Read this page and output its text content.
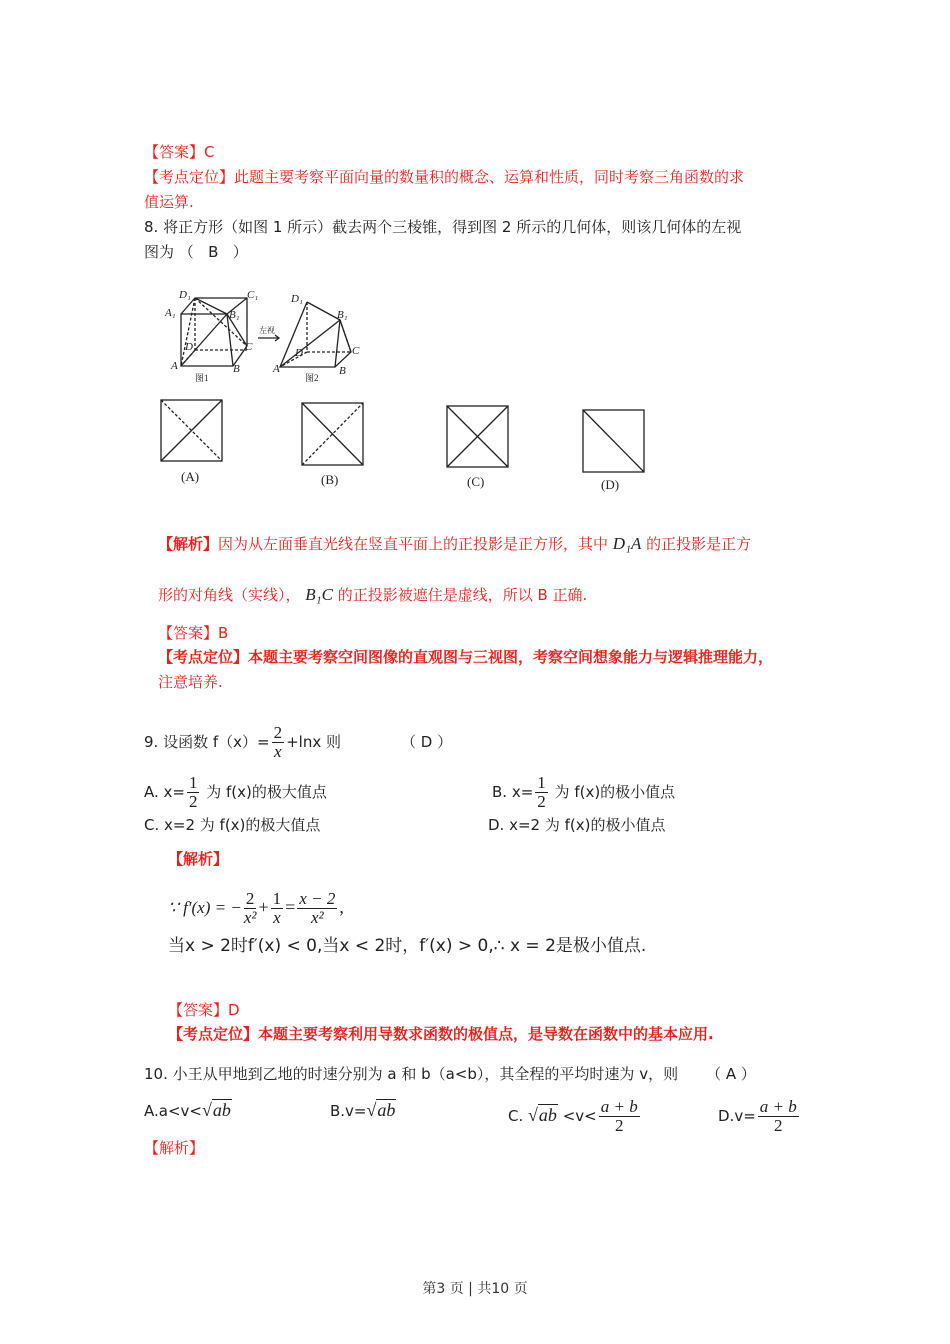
【答案】C
【考点定位】此题主要考察平面向量的数量积的概念、运算和性质，同时考察三角函数的求
值运算.
8. 将正方形（如图 1 所示）截去两个三棱锥，得到图 2 所示的几何体，则该几何体的左视
图为 （   B   ）
D₁	C₁
A₁	B₁
D	C
A	B
D₁
B₁
D	C
A	B
图1	图2
左视
(A)	(B)	(C)	(D)
【解析】因为从左面垂直光线在竖直平面上的正投影是正方形，其中 D₁A 的正投影是正方
形的对角线（实线）， B₁C 的正投影被遮住是虚线，所以 B 正确.
【答案】B
【考点定位】本题主要考察空间图像的直观图与三视图，考察空间想象能力与逻辑推理能力，
注意培养.
9. 设函数 $f(x)= \frac{2}{x} +\ln x$ 则	（ D ）
A. $x= \frac{1}{2}$ 为 f(x)的极大值点	B. $x= \frac{1}{2}$ 为 f(x)的极小值点
C. x=2 为 f(x)的极大值点	D. x=2 为 f(x)的极小值点
【解析】
∵ f′(x) = − $\frac{2}{\text{x²}} + \frac{1}{x} = \frac{x - 2}{\text{x²}}$ ,
当x > 2时f′(x) < 0,当x < 2时，f′(x) > 0,∴ x = 2是极小值点.
【答案】D
【考点定位】本题主要考察利用导数求函数的极值点，是导数在函数中的基本应用.
10. 小王从甲地到乙地的时速分别为 a 和 b（a<b），其全程的平均时速为 v，则 （ A ）
A.a<v<√ab	B.v=√ab	C. $√ab <v< \frac{a + b}{2}$	$D.v= \frac{a + b}{2}$
【解析】
第3 页 | 共10 页
